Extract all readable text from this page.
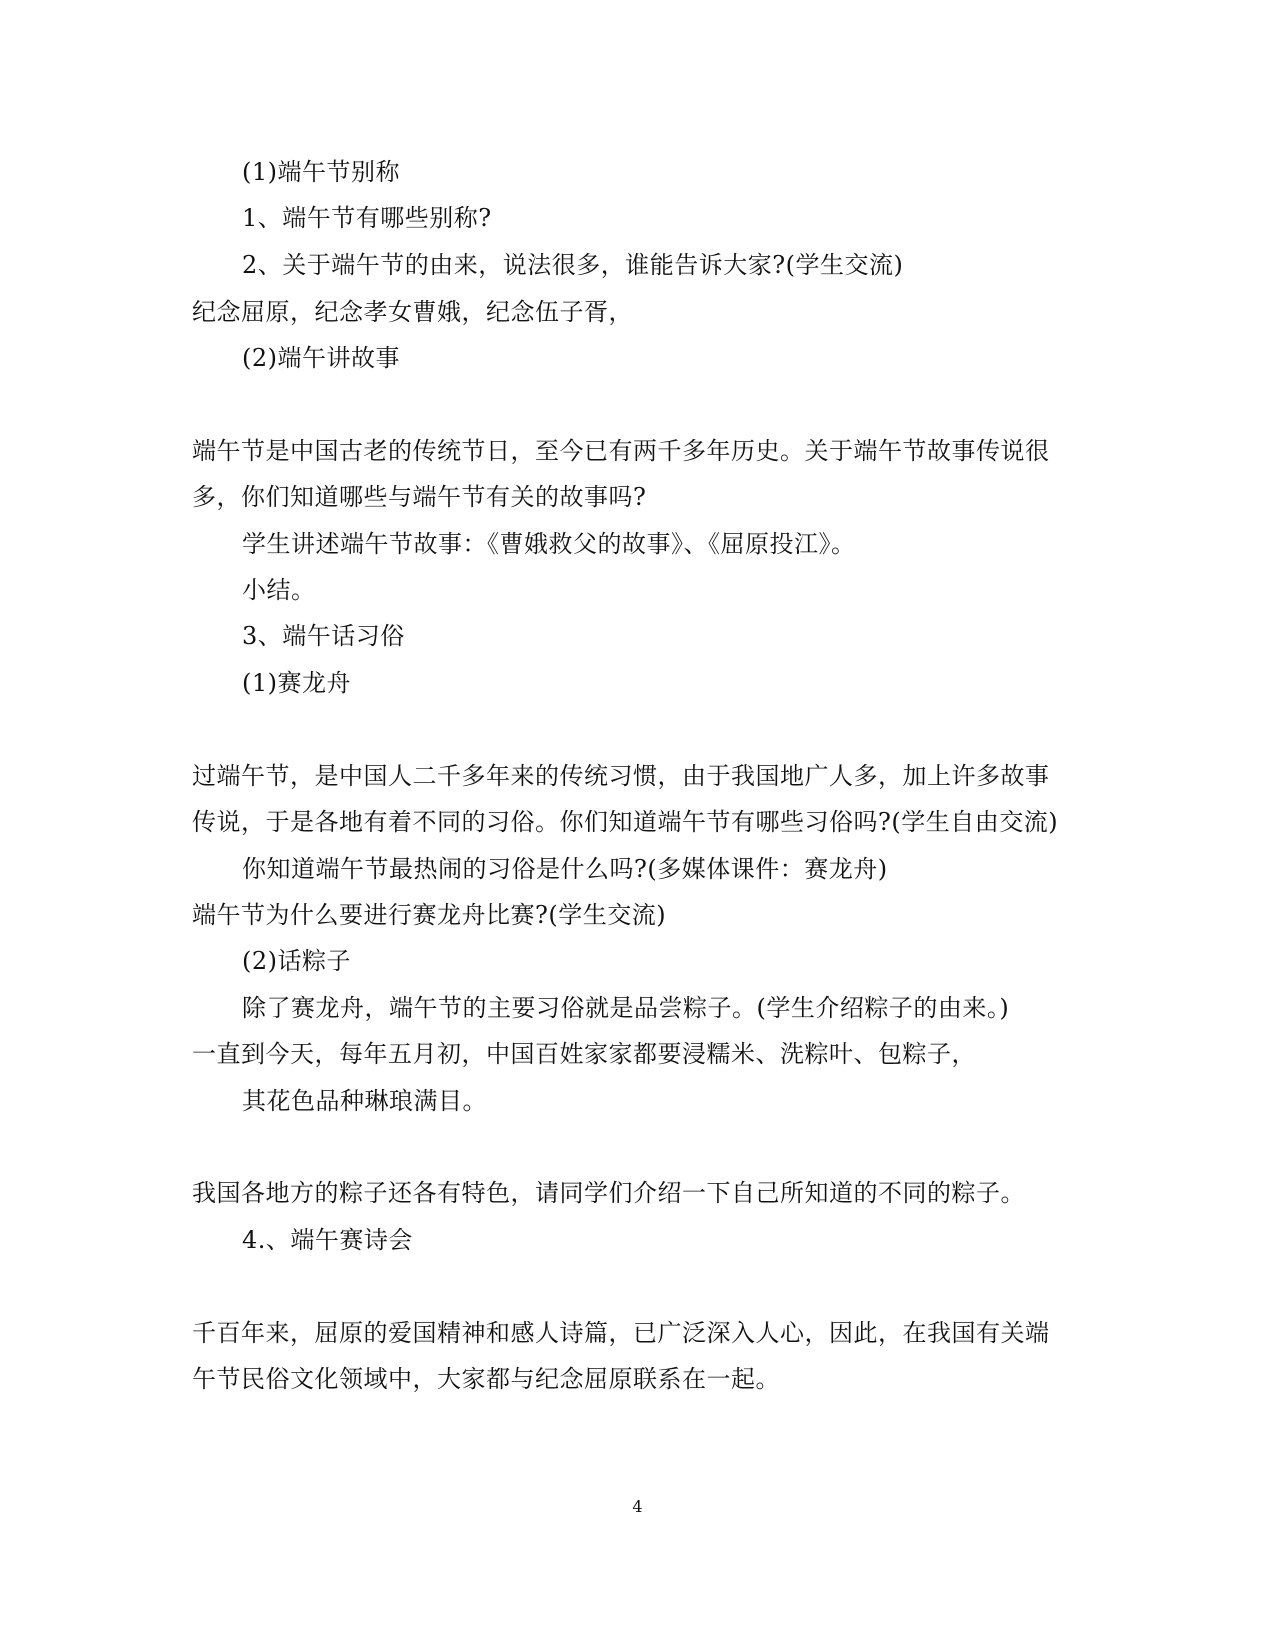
(1)端午节别称
1、端午节有哪些别称?
2、关于端午节的由来，说法很多，谁能告诉大家?(学生交流)
纪念屈原，纪念孝女曹娥，纪念伍子胥，
(2)端午讲故事
端午节是中国古老的传统节日，至今已有两千多年历史。关于端午节故事传说很
多，你们知道哪些与端午节有关的故事吗?
学生讲述端午节故事：《曹娥救父的故事》、《屈原投江》。
小结。
3、端午话习俗
(1)赛龙舟
过端午节，是中国人二千多年来的传统习惯，由于我国地广人多，加上许多故事
传说，于是各地有着不同的习俗。你们知道端午节有哪些习俗吗?(学生自由交流)
你知道端午节最热闹的习俗是什么吗?(多媒体课件：赛龙舟)
端午节为什么要进行赛龙舟比赛?(学生交流)
(2)话粽子
除了赛龙舟，端午节的主要习俗就是品尝粽子。(学生介绍粽子的由来。)
一直到今天，每年五月初，中国百姓家家都要浸糯米、洗粽叶、包粽子，
其花色品种琳琅满目。
我国各地方的粽子还各有特色，请同学们介绍一下自己所知道的不同的粽子。
4.、端午赛诗会
千百年来，屈原的爱国精神和感人诗篇，已广泛深入人心，因此，在我国有关端
午节民俗文化领域中，大家都与纪念屈原联系在一起。
4
